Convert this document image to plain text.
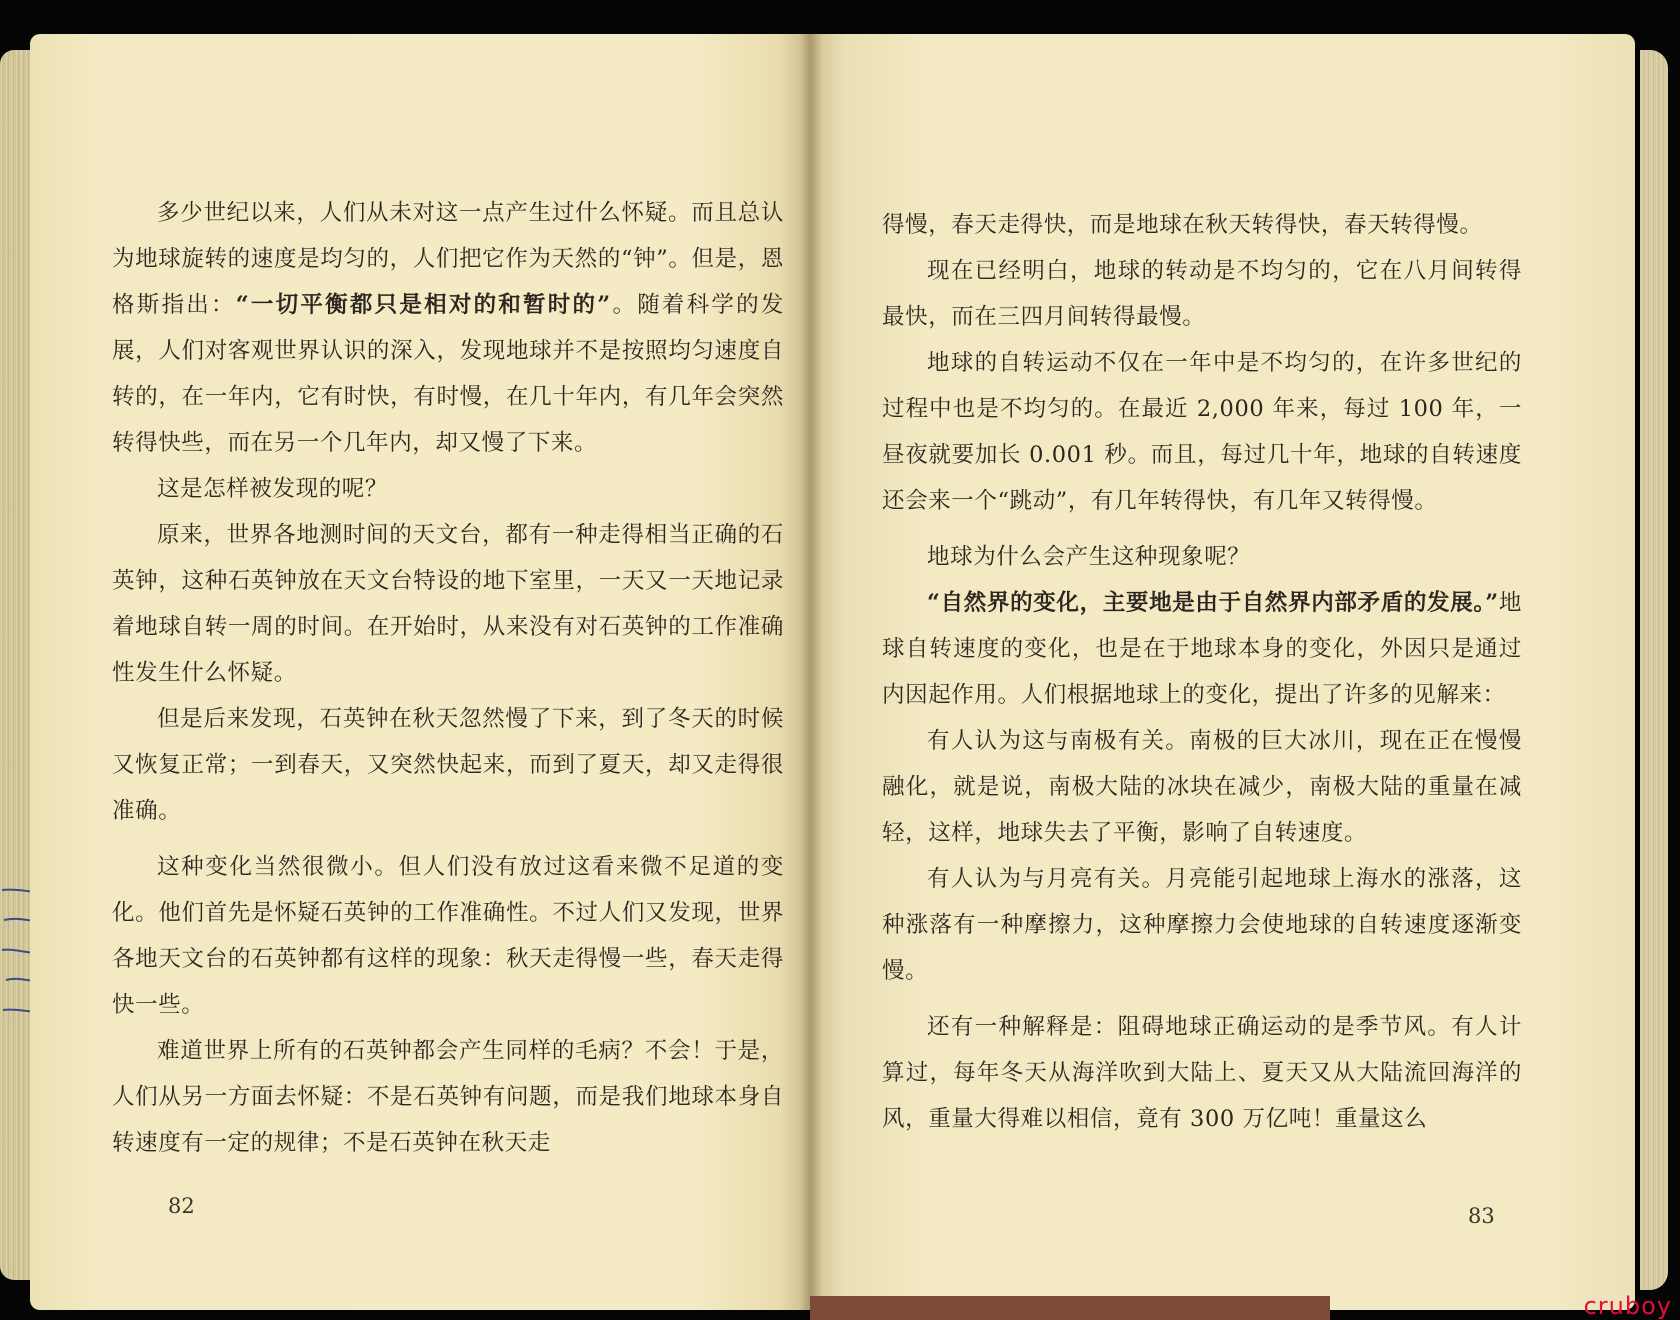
多少世纪以来，人们从未对这一点产生过什么怀疑。而且总认为地球旋转的速度是均匀的，人们把它作为天然的“钟”。但是，恩格斯指出：“一切平衡都只是相对的和暂时的”。随着科学的发展，人们对客观世界认识的深入，发现地球并不是按照均匀速度自转的，在一年内，它有时快，有时慢，在几十年内，有几年会突然转得快些，而在另一个几年内，却又慢了下来。

这是怎样被发现的呢？

原来，世界各地测时间的天文台，都有一种走得相当正确的石英钟，这种石英钟放在天文台特设的地下室里，一天又一天地记录着地球自转一周的时间。在开始时，从来没有对石英钟的工作准确性发生什么怀疑。

但是后来发现，石英钟在秋天忽然慢了下来，到了冬天的时候又恢复正常；一到春天，又突然快起来，而到了夏天，却又走得很准确。

这种变化当然很微小。但人们没有放过这看来微不足道的变化。他们首先是怀疑石英钟的工作准确性。不过人们又发现，世界各地天文台的石英钟都有这样的现象：秋天走得慢一些，春天走得快一些。

难道世界上所有的石英钟都会产生同样的毛病？不会！于是，人们从另一方面去怀疑：不是石英钟有问题，而是我们地球本身自转速度有一定的规律；不是石英钟在秋天走

82

得慢，春天走得快，而是地球在秋天转得快，春天转得慢。

现在已经明白，地球的转动是不均匀的，它在八月间转得最快，而在三四月间转得最慢。

地球的自转运动不仅在一年中是不均匀的，在许多世纪的过程中也是不均匀的。在最近 2,000 年来，每过 100 年，一昼夜就要加长 0.001 秒。而且，每过几十年，地球的自转速度还会来一个“跳动”，有几年转得快，有几年又转得慢。

地球为什么会产生这种现象呢？

“自然界的变化，主要地是由于自然界内部矛盾的发展。”地球自转速度的变化，也是在于地球本身的变化，外因只是通过内因起作用。人们根据地球上的变化，提出了许多的见解来：

有人认为这与南极有关。南极的巨大冰川，现在正在慢慢融化，就是说，南极大陆的冰块在减少，南极大陆的重量在减轻，这样，地球失去了平衡，影响了自转速度。

有人认为与月亮有关。月亮能引起地球上海水的涨落，这种涨落有一种摩擦力，这种摩擦力会使地球的自转速度逐渐变慢。

还有一种解释是：阻碍地球正确运动的是季节风。有人计算过，每年冬天从海洋吹到大陆上、夏天又从大陆流回海洋的风，重量大得难以相信，竟有 300 万亿吨！重量这么

83
cruboy
